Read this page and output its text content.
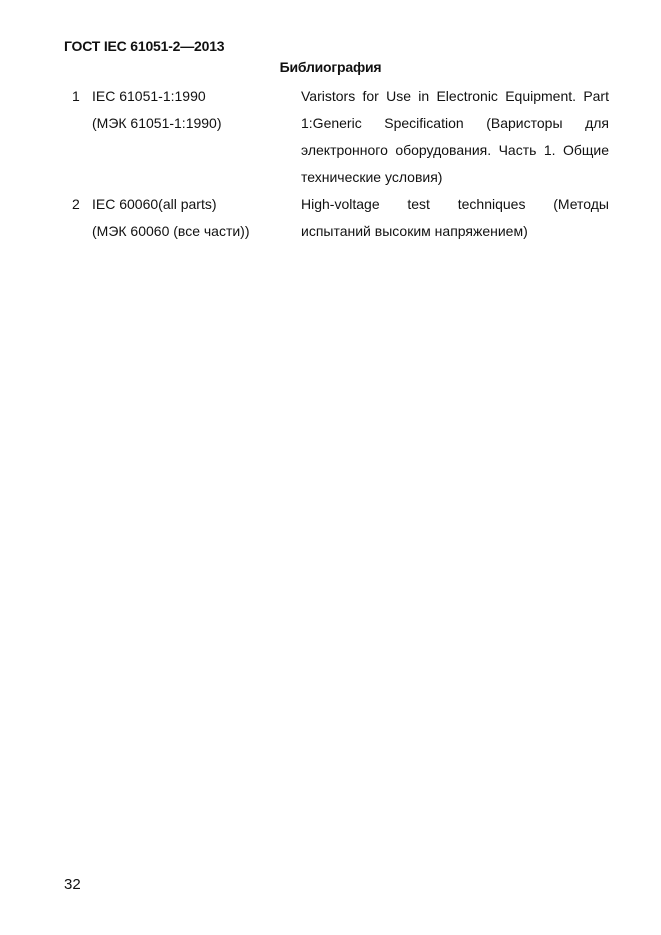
ГОСТ IEC 61051-2—2013
Библиография
1 IEC 61051-1:1990
(МЭК 61051-1:1990)
Varistors for Use in Electronic Equipment. Part 1:Generic Specification (Варисторы для электронного оборудования. Часть 1. Общие технические условия)
2 IEC 60060(all parts)
(МЭК 60060 (все части))
High-voltage test techniques (Методы испытаний высоким напряжением)
32
